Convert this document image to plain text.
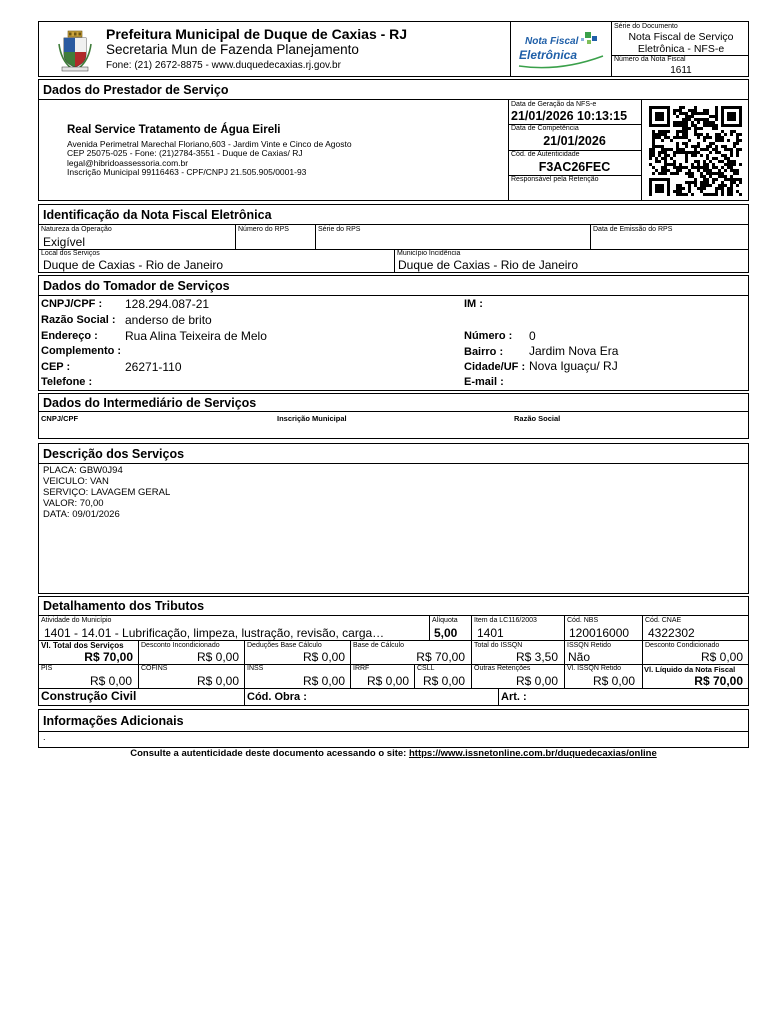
Prefeitura Municipal de Duque de Caxias - RJ
Secretaria Mun de Fazenda Planejamento
Fone: (21) 2672-8875 - www.duquedecaxias.rj.gov.br
Nota Fiscal
Eletrônica
Série do Documento
Nota Fiscal de Serviço
Eletrônica - NFS-e
Número da Nota Fiscal
1611
Dados do Prestador de Serviço
Real Service Tratamento de Água Eireli
Avenida Perimetral Marechal Floriano,603 - Jardim Vinte e Cinco de Agosto
CEP 25075-025 - Fone: (21)2784-3551 - Duque de Caxias/ RJ
legal@hibridoassessoria.com.br
Inscrição Municipal 99116463 - CPF/CNPJ 21.505.905/0001-93
Data de Geração da NFS-e
21/01/2026 10:13:15
Data de Competência
21/01/2026
Cód. de Autenticidade
F3AC26FEC
Responsável pela Retenção
Identificação da Nota Fiscal Eletrônica
Natureza da Operação
Exigível
Número do RPS	Série do RPS	Data de Emissão do RPS
Local dos Serviços
Duque de Caxias - Rio de Janeiro
Município Incidência
Duque de Caxias - Rio de Janeiro
Dados do Tomador de Serviços
CNPJ/CPF : 128.294.087-21	IM :
Razão Social : anderso de brito
Endereço : Rua Alina Teixeira de Melo	Número : 0
Complemento :	Bairro : Jardim Nova Era
CEP :	26271-110	Cidade/UF : Nova Iguaçu/ RJ
Telefone :	E-mail :
Dados do Intermediário de Serviços
CNPJ/CPF	Inscrição Municipal	Razão Social
Descrição dos Serviços
PLACA: GBW0J94
VEICULO: VAN
SERVIÇO: LAVAGEM GERAL
VALOR: 70,00
DATA: 09/01/2026
Detalhamento dos Tributos
Atividade do Município
1401 - 14.01 - Lubrificação, limpeza, lustração, revisão, carga…
Alíquota
5,00
Item da LC116/2003
1401
Cód. NBS
120016000
Cód. CNAE
4322302
Vl. Total dos Serviços
R$ 70,00
Desconto Incondicionado
R$ 0,00
Deduções Base Cálculo
R$ 0,00
Base de Cálculo
R$ 70,00
Total do ISSQN
R$ 3,50
ISSQN Retido
Não
Desconto Condicionado
R$ 0,00
PIS
R$ 0,00
COFINS
R$ 0,00
INSS
R$ 0,00
IRRF
R$ 0,00
CSLL
R$ 0,00
Outras Retenções
R$ 0,00
Vl. ISSQN Retido
R$ 0,00
Vl. Líquido da Nota Fiscal
R$ 70,00
Construção Civil	Cód. Obra :	Art. :
Informações Adicionais
.
Consulte a autenticidade deste documento acessando o site: https://www.issnetonline.com.br/duquedecaxias/online
